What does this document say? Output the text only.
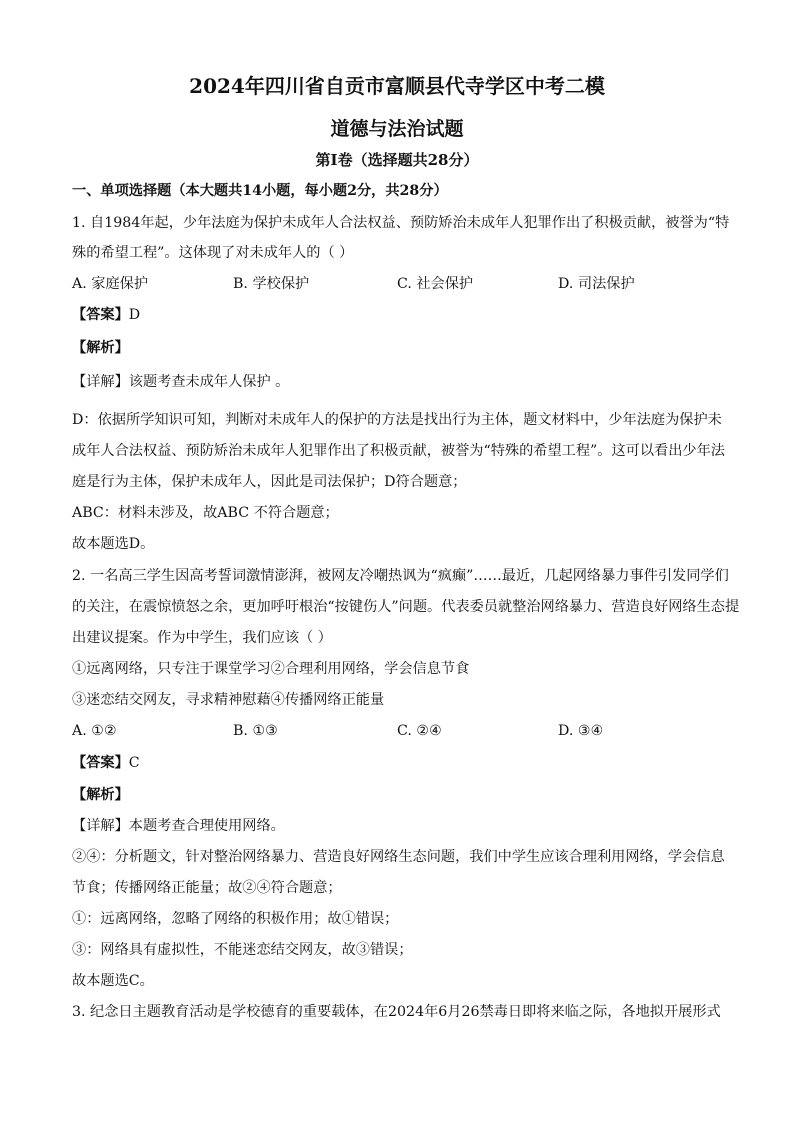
2024年四川省自贡市富顺县代寺学区中考二模
道德与法治试题
第I卷（选择题共28分）
一、单项选择题（本大题共14小题，每小题2分，共28分）
1. 自1984年起，少年法庭为保护未成年人合法权益、预防矫治未成年人犯罪作出了积极贡献，被誉为“特
殊的希望工程”。这体现了对未成年人的（ ）
A. 家庭保护	B. 学校保护	C. 社会保护	D. 司法保护
【答案】D
【解析】
【详解】该题考查未成年人保护 。
D：依据所学知识可知，判断对未成年人的保护的方法是找出行为主体，题文材料中，少年法庭为保护未
成年人合法权益、预防矫治未成年人犯罪作出了积极贡献，被誉为“特殊的希望工程”。这可以看出少年法
庭是行为主体，保护未成年人，因此是司法保护；D符合题意；
ABC：材料未涉及，故ABC 不符合题意；
故本题选D。
2. 一名高三学生因高考誓词激情澎湃，被网友冷嘲热讽为“疯癫”……最近，几起网络暴力事件引发同学们
的关注，在震惊愤怒之余，更加呼吁根治“按键伤人”问题。代表委员就整治网络暴力、营造良好网络生态提
出建议提案。作为中学生，我们应该（ ）
①远离网络，只专注于课堂学习②合理利用网络，学会信息节食
③迷恋结交网友，寻求精神慰藉④传播网络正能量
A. ①②	B. ①③	C. ②④	D. ③④
【答案】C
【解析】
【详解】本题考查合理使用网络。
②④：分析题文，针对整治网络暴力、营造良好网络生态问题，我们中学生应该合理利用网络，学会信息
节食；传播网络正能量；故②④符合题意；
①：远离网络，忽略了网络的积极作用；故①错误；
③：网络具有虚拟性，不能迷恋结交网友，故③错误；
故本题选C。
3. 纪念日主题教育活动是学校德育的重要载体，在2024年6月26禁毒日即将来临之际，各地拟开展形式
